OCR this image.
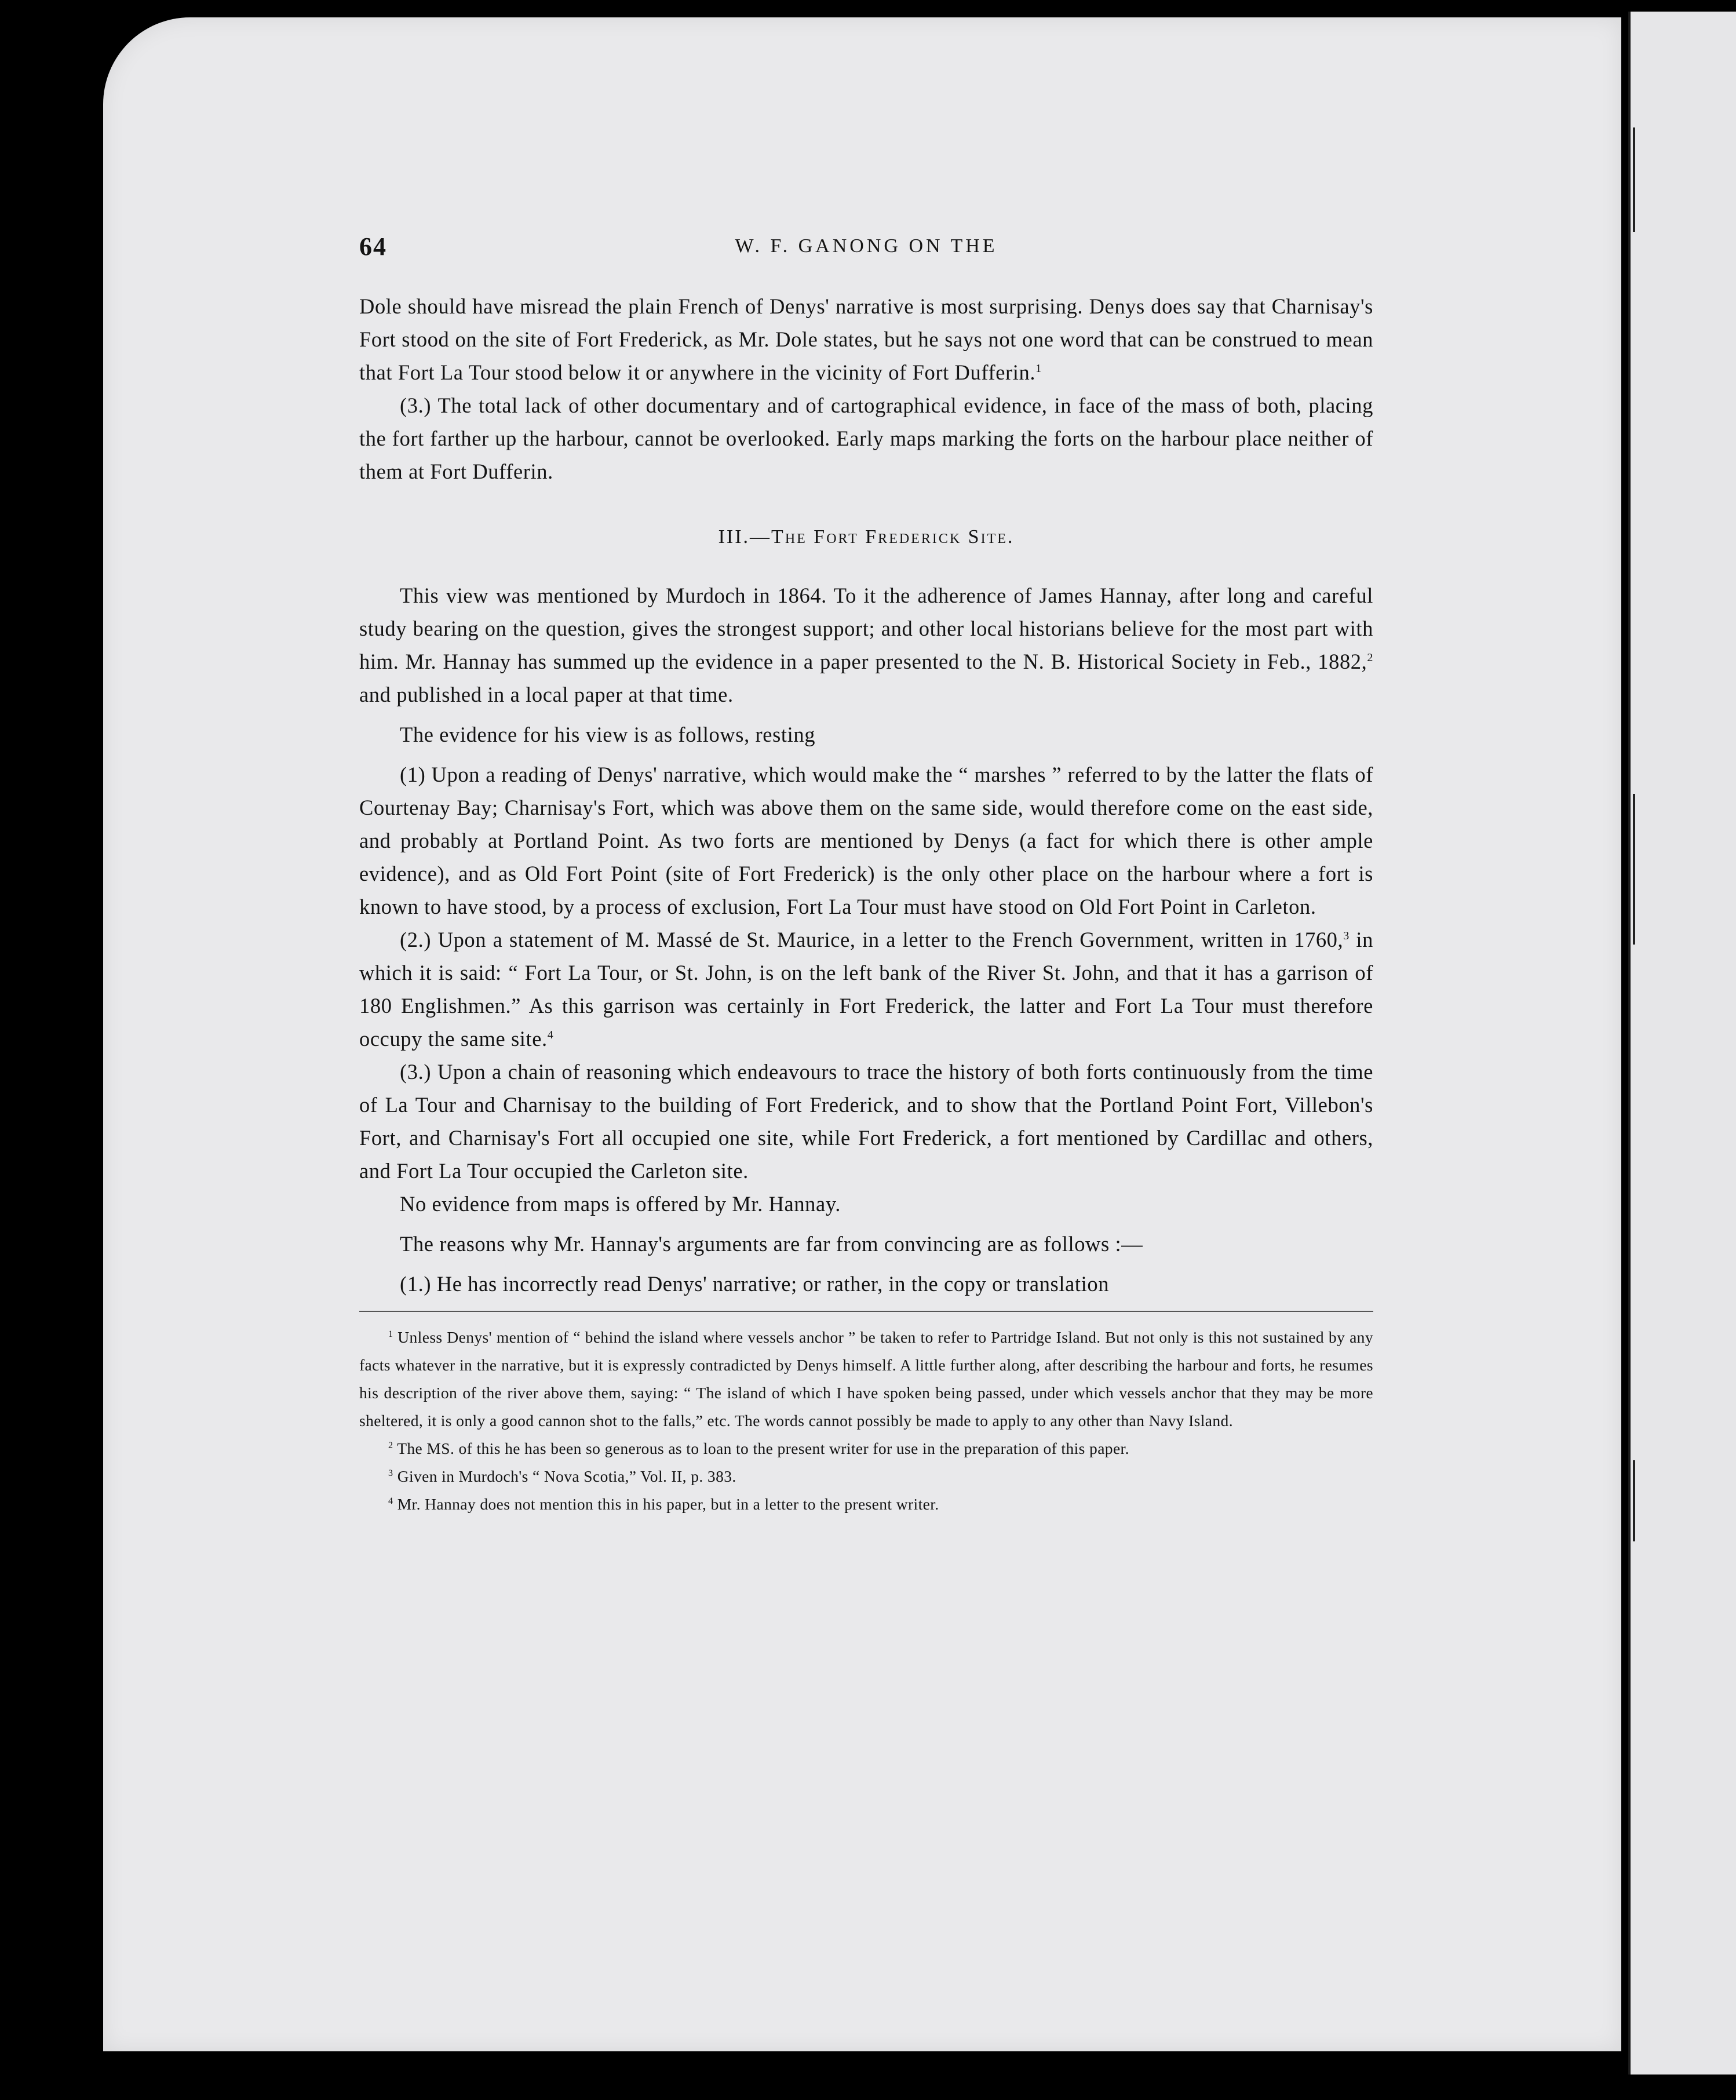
64	W. F. GANONG ON THE

Dole should have misread the plain French of Denys' narrative is most surprising. Denys does say that Charnisay's Fort stood on the site of Fort Frederick, as Mr. Dole states, but he says not one word that can be construed to mean that Fort La Tour stood below it or anywhere in the vicinity of Fort Dufferin.$^1$

(3.) The total lack of other documentary and of cartographical evidence, in face of the mass of both, placing the fort farther up the harbour, cannot be overlooked. Early maps marking the forts on the harbour place neither of them at Fort Dufferin.

III.—The Fort Frederick Site.

This view was mentioned by Murdoch in 1864. To it the adherence of James Hannay, after long and careful study bearing on the question, gives the strongest support; and other local historians believe for the most part with him. Mr. Hannay has summed up the evidence in a paper presented to the N. B. Historical Society in Feb., 1882,$^2$ and published in a local paper at that time.

The evidence for his view is as follows, resting

(1) Upon a reading of Denys' narrative, which would make the “ marshes ” referred to by the latter the flats of Courtenay Bay; Charnisay's Fort, which was above them on the same side, would therefore come on the east side, and probably at Portland Point. As two forts are mentioned by Denys (a fact for which there is other ample evidence), and as Old Fort Point (site of Fort Frederick) is the only other place on the harbour where a fort is known to have stood, by a process of exclusion, Fort La Tour must have stood on Old Fort Point in Carleton.

(2.) Upon a statement of M. Massé de St. Maurice, in a letter to the French Government, written in 1760,$^3$ in which it is said: “ Fort La Tour, or St. John, is on the left bank of the River St. John, and that it has a garrison of 180 Englishmen.” As this garrison was certainly in Fort Frederick, the latter and Fort La Tour must therefore occupy the same site.$^4$

(3.) Upon a chain of reasoning which endeavours to trace the history of both forts continuously from the time of La Tour and Charnisay to the building of Fort Frederick, and to show that the Portland Point Fort, Villebon's Fort, and Charnisay's Fort all occupied one site, while Fort Frederick, a fort mentioned by Cardillac and others, and Fort La Tour occupied the Carleton site.

No evidence from maps is offered by Mr. Hannay.

The reasons why Mr. Hannay's arguments are far from convincing are as follows :—

(1.) He has incorrectly read Denys' narrative; or rather, in the copy or translation

$^1$ Unless Denys' mention of “ behind the island where vessels anchor ” be taken to refer to Partridge Island. But not only is this not sustained by any facts whatever in the narrative, but it is expressly contradicted by Denys himself. A little further along, after describing the harbour and forts, he resumes his description of the river above them, saying: “ The island of which I have spoken being passed, under which vessels anchor that they may be more sheltered, it is only a good cannon shot to the falls,” etc. The words cannot possibly be made to apply to any other than Navy Island.

$^2$ The MS. of this he has been so generous as to loan to the present writer for use in the preparation of this paper.

$^3$ Given in Murdoch's “ Nova Scotia,” Vol. II, p. 383.

$^4$ Mr. Hannay does not mention this in his paper, but in a letter to the present writer.
